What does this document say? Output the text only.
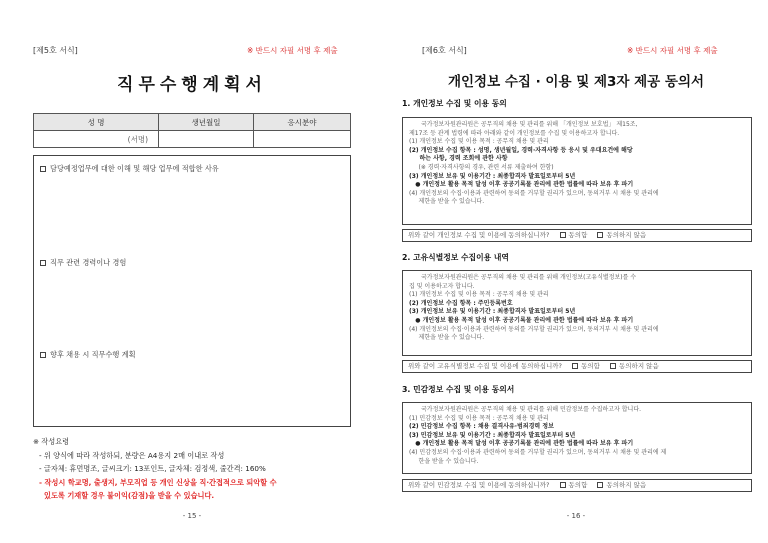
[제5호 서식]	※ 반드시 자필 서명 후 제출
직무수행계획서
성 명	생년월일	응시분야
(서명)		
담당예정업무에 대한 이해 및 해당 업무에 적합한 사유
직무 관련 경력이나 경험
향후 채용 시 직무수행 계획
※ 작성요령
- 위 양식에 따라 작성하되, 분량은 A4용지 2매 이내로 작성
- 글자체: 휴먼명조, 글씨크기: 13포인트, 글자체: 검정색, 줄간격: 160%
- 작성시 학교명, 출생지, 부모직업 등 개인 신상을 직·간접적으로 되악할 수
있도록 기재할 경우 불이익(감점)을 받을 수 있습니다.
- 15 -
[제6호 서식]	※ 반드시 자필 서명 후 제출
개인정보 수집 · 이용 및 제3자 제공 동의서
1. 개인정보 수집 및 이용 동의

국가정보자원관리원은 공무직의 채용 및 관리를 위해 「개인정보 보호법」 제15조,

제17조 등 관계 법령에 따라 아래와 같이 개인정보를 수집 및 이용하고자 합니다.

(1) 개인정보 수집 및 이용 목적 : 공무직 채용 및 관리

(2) 개인정보 수집 항목 : 성명, 생년월일, 경력·자격사항 등 응시 및 우대요건에 해당

하는 사항, 경력 조회에 관한 사항

(※ 경력·자격사항의 경우, 관련 서류 제출하여 한함)

(3) 개인정보 보유 및 이용기간 : 최종합격자 발표일로부터 5년

● 개인정보 활용 목적 달성 이후 공공기록물 관리에 관한 법률에 따라 보유 후 파기

(4) 개인정보의 수집·이용과 관련하여 동의를 거부할 권리가 있으며, 동의거부 시 채용 및 관리에

제한을 받을 수 있습니다.

위와 같이 개인정보 수집 및 이용에 동의하십니까?	동의함	동의하지 않음
2. 고유식별정보 수집이용 내역

국가정보자원관리원은 공무직의 채용 및 관리를 위해 개인정보(고유식별정보)를 수

집 및 이용하고자 합니다.

(1) 개인정보 수집 및 이용 목적 : 공무직 채용 및 관리

(2) 개인정보 수집 항목 : 주민등록번호

(3) 개인정보 보유 및 이용기간 : 최종합격자 발표일로부터 5년

● 개인정보 활용 목적 달성 이후 공공기록물 관리에 관한 법률에 따라 보유 후 파기

(4) 개인정보의 수집·이용과 관련하여 동의를 거부할 권리가 있으며, 동의거부 시 채용 및 관리에

제한을 받을 수 있습니다.

위와 같이 고유식별정보 수집 및 이용에 동의하십니까?	동의함	동의하지 않음
3. 민감정보 수집 및 이용 동의서

국가정보자원관리원은 공무직의 채용 및 관리를 위해 민감정보를 수집하고자 합니다.

(1) 민감정보 수집 및 이용 목적 : 공무직 채용 및 관리

(2) 민감정보 수집 항목 : 채용 결격사유·범죄경력 정보

(3) 민감정보 보유 및 이용기간 : 최종합격자 발표일로부터 5년

● 개인정보 활용 목적 달성 이후 공공기록물 관리에 관한 법률에 따라 보유 후 파기

(4) 민감정보의 수집·이용과 관련하여 동의를 거부할 권리가 있으며, 동의거부 시 채용 및 관리에 제

한을 받을 수 있습니다.

위와 같이 민감정보 수집 및 이용에 동의하십니까?	동의함	동의하지 않음
- 16 -
